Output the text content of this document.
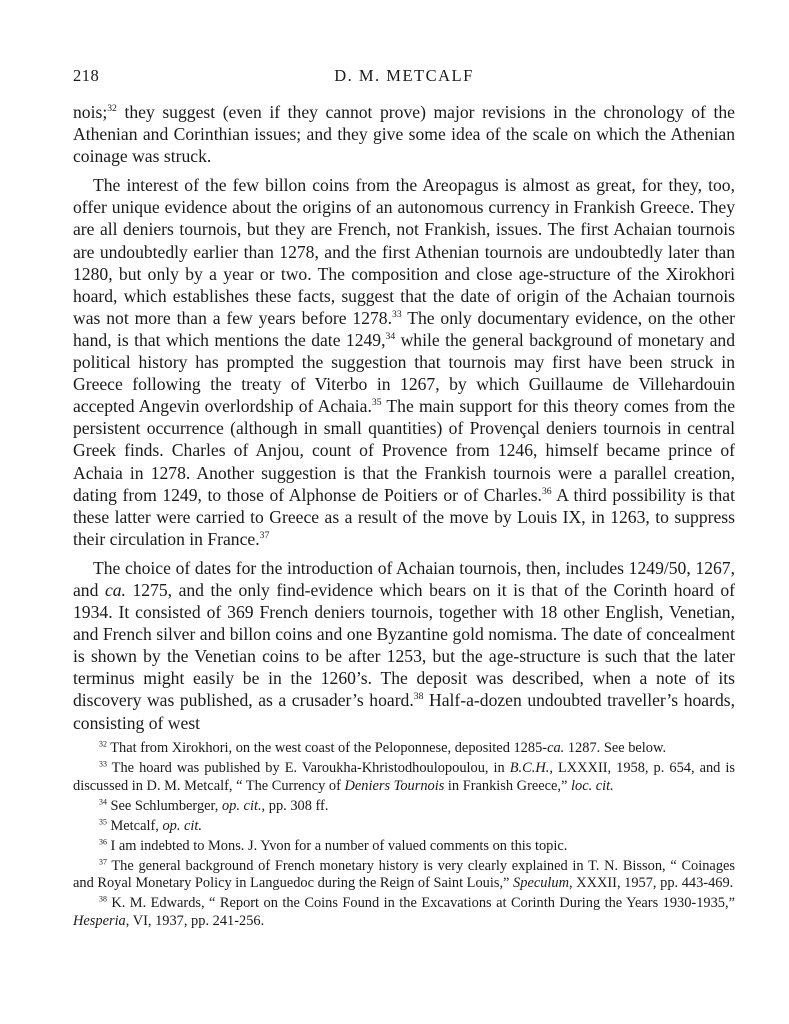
218	D. M. METCALF

nois;$^{32}$ they suggest (even if they cannot prove) major revisions in the chronology of the Athenian and Corinthian issues; and they give some idea of the scale on which the Athenian coinage was struck.

The interest of the few billon coins from the Areopagus is almost as great, for they, too, offer unique evidence about the origins of an autonomous currency in Frankish Greece. They are all deniers tournois, but they are French, not Frankish, issues. The first Achaian tournois are undoubtedly earlier than 1278, and the first Athenian tournois are undoubtedly later than 1280, but only by a year or two. The composition and close age-structure of the Xirokhori hoard, which establishes these facts, suggest that the date of origin of the Achaian tournois was not more than a few years before 1278.33 The only documentary evidence, on the other hand, is that which mentions the date 1249,34 while the general background of monetary and political history has prompted the suggestion that tournois may first have been struck in Greece following the treaty of Viterbo in 1267, by which Guillaume de Villehardouin accepted Angevin overlordship of Achaia.$^{35}$ The main support for this theory comes from the persistent occurrence (although in small quantities) of Provençal deniers tournois in central Greek finds. Charles of Anjou, count of Provence from 1246, himself became prince of Achaia in 1278. Another suggestion is that the Frankish tournois were a parallel creation, dating from 1249, to those of Alphonse de Poitiers or of Charles.$^{36}$ A third possibility is that these latter were carried to Greece as a result of the move by Louis IX, in 1263, to suppress their circulation in France.$^{37}$

The choice of dates for the introduction of Achaian tournois, then, includes 1249/50, 1267, and ca. 1275, and the only find-evidence which bears on it is that of the Corinth hoard of 1934. It consisted of 369 French deniers tournois, together with 18 other English, Venetian, and French silver and billon coins and one Byzantine gold nomisma. The date of concealment is shown by the Venetian coins to be after 1253, but the age-structure is such that the later terminus might easily be in the 1260’s. The deposit was described, when a note of its discovery was published, as a crusader’s hoard.$^{38}$ Half-a-dozen undoubted traveller’s hoards, consisting of west

$^{32}$ That from Xirokhori, on the west coast of the Peloponnese, deposited 1285-ca. 1287. See below.

$^{33}$ The hoard was published by E. Varoukha-Khristodhoulopoulou, in B.C.H., LXXXII, 1958, p. 654, and is discussed in D. M. Metcalf, “ The Currency of Deniers Tournois in Frankish Greece,” loc. cit.

$^{34}$ See Schlumberger, op. cit., pp. 308 ff.

$^{35}$ Metcalf, op. cit.

$^{36}$ I am indebted to Mons. J. Yvon for a number of valued comments on this topic.

$^{37}$ The general background of French monetary history is very clearly explained in T. N. Bisson, “ Coinages and Royal Monetary Policy in Languedoc during the Reign of Saint Louis,” Speculum, XXXII, 1957, pp. 443-469.

$^{38}$ K. M. Edwards, “ Report on the Coins Found in the Excavations at Corinth During the Years 1930-1935,” Hesperia, VI, 1937, pp. 241-256.
